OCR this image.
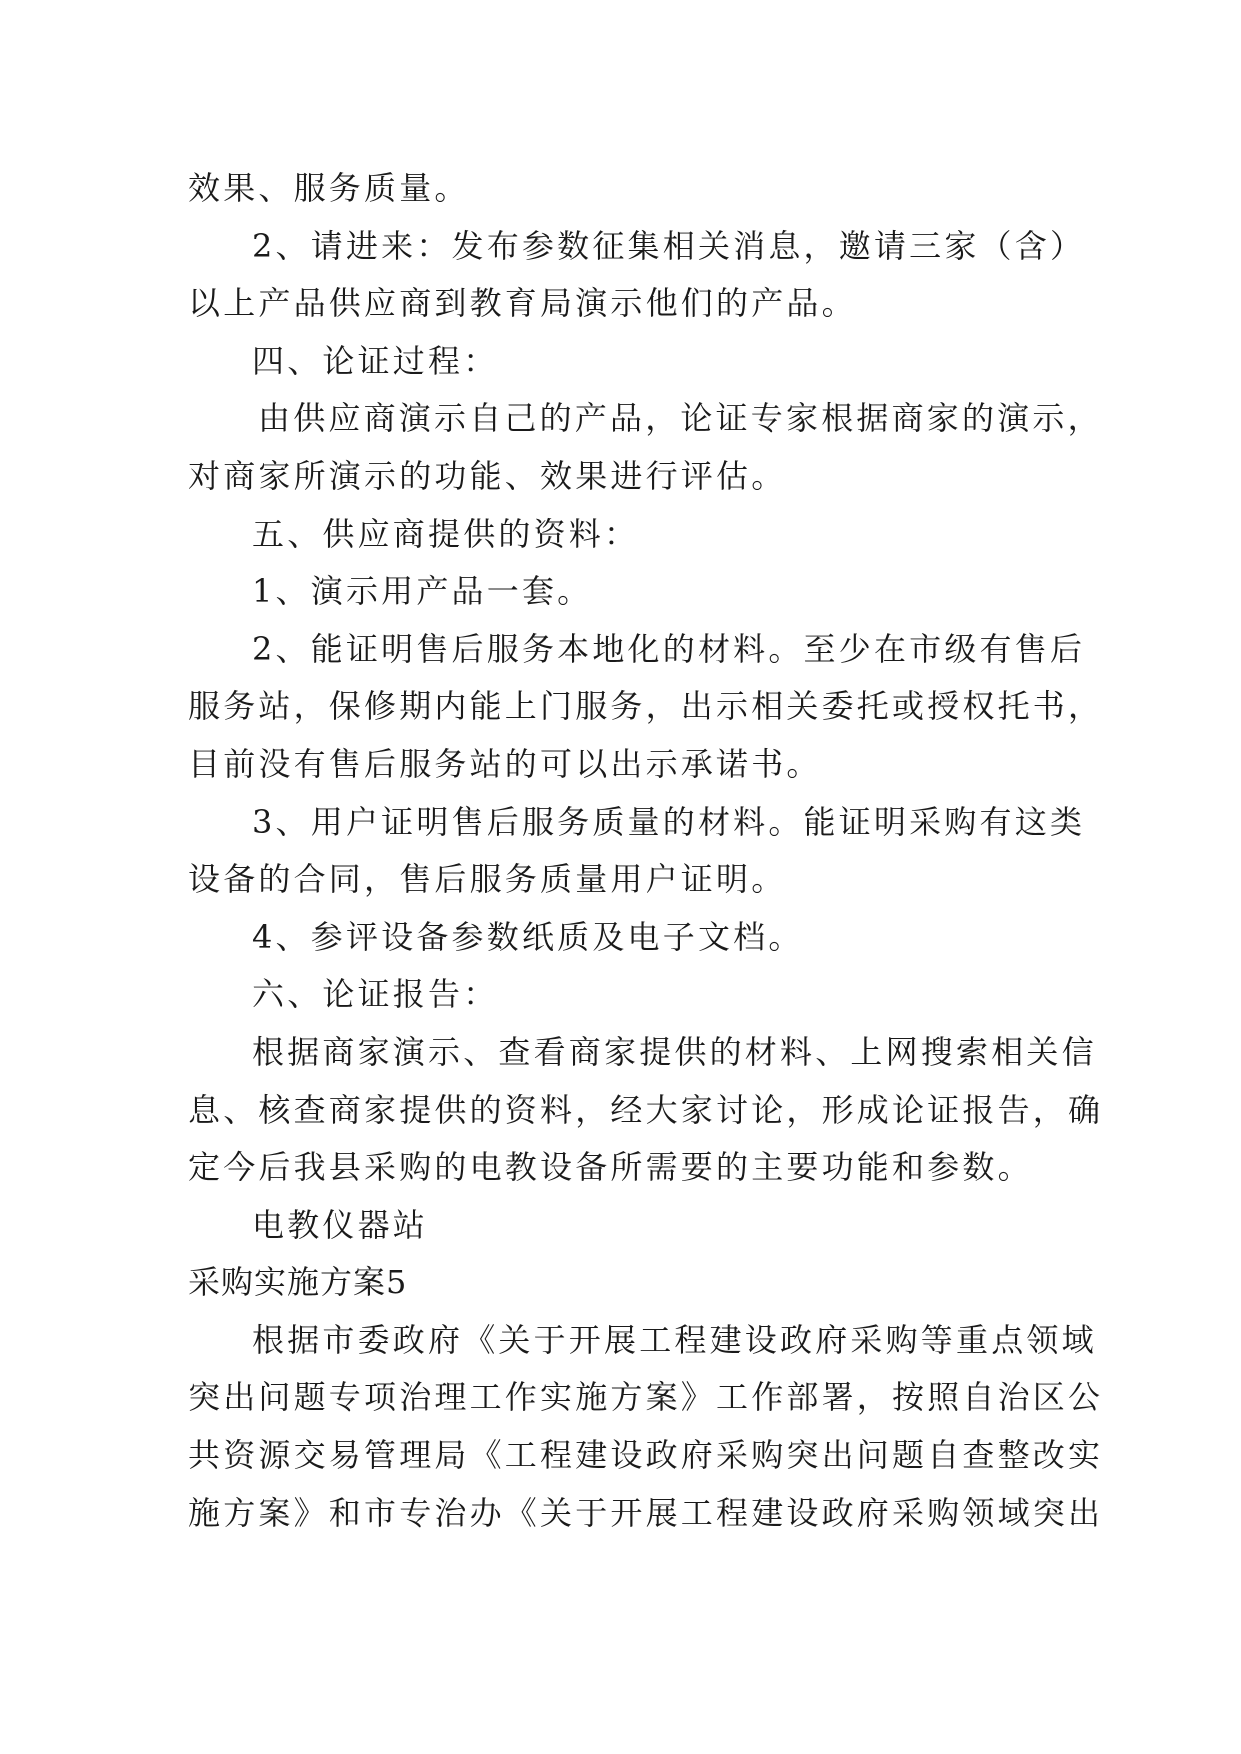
效果、服务质量。
2、请进来：发布参数征集相关消息，邀请三家（含）
以上产品供应商到教育局演示他们的产品。
四、论证过程：
由供应商演示自己的产品，论证专家根据商家的演示，
对商家所演示的功能、效果进行评估。
五、供应商提供的资料：
1、演示用产品一套。
2、能证明售后服务本地化的材料。至少在市级有售后
服务站，保修期内能上门服务，出示相关委托或授权托书，
目前没有售后服务站的可以出示承诺书。
3、用户证明售后服务质量的材料。能证明采购有这类
设备的合同，售后服务质量用户证明。
4、参评设备参数纸质及电子文档。
六、论证报告：
根据商家演示、查看商家提供的材料、上网搜索相关信
息、核查商家提供的资料，经大家讨论，形成论证报告，确
定今后我县采购的电教设备所需要的主要功能和参数。
电教仪器站
采购实施方案5
根据市委政府《关于开展工程建设政府采购等重点领域
突出问题专项治理工作实施方案》工作部署，按照自治区公
共资源交易管理局《工程建设政府采购突出问题自查整改实
施方案》和市专治办《关于开展工程建设政府采购领域突出
